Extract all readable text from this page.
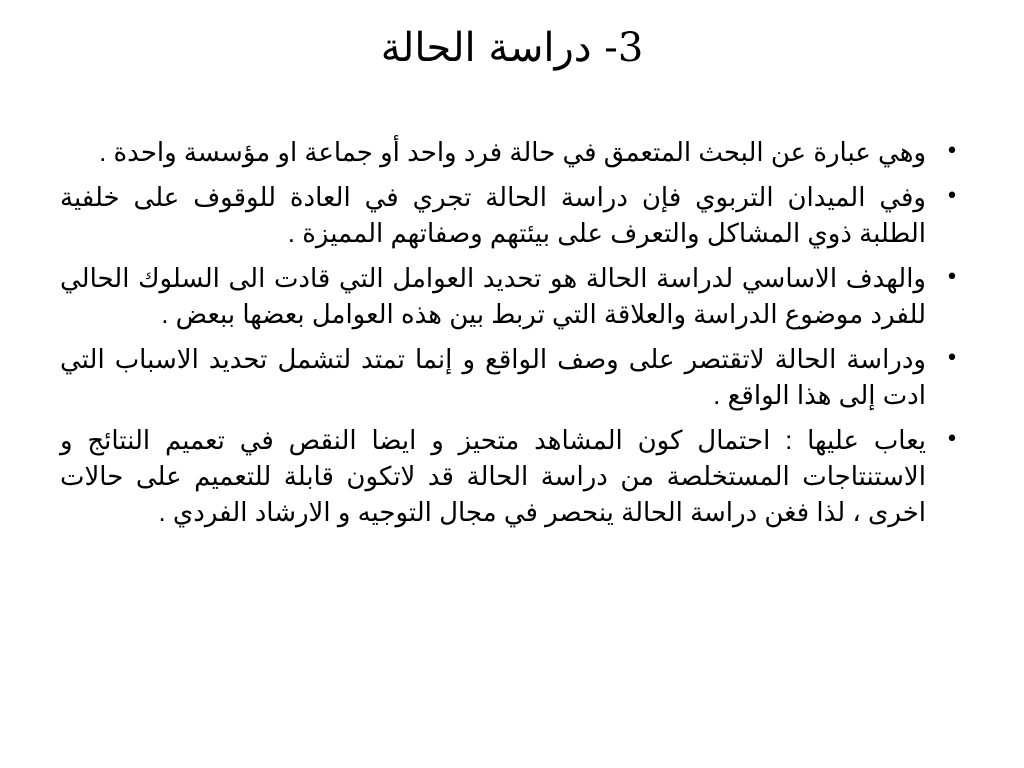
3- دراسة الحالة
•
وهي عبارة عن البحث المتعمق في حالة فرد واحد أو جماعة او مؤسسة واحدة .
•
وفي الميدان التربوي فإن دراسة الحالة تجري في العادة للوقوف على خلفية الطلبة ذوي المشاكل والتعرف على بيئتهم وصفاتهم المميزة .
•
والهدف الاساسي لدراسة الحالة هو تحديد العوامل التي قادت الى السلوك الحالي للفرد موضوع الدراسة والعلاقة التي تربط بين هذه العوامل بعضها ببعض .
•
ودراسة الحالة لاتقتصر على وصف الواقع و إنما تمتد لتشمل تحديد الاسباب التي ادت إلى هذا الواقع .
•
يعاب عليها : احتمال كون المشاهد متحيز و ايضا النقص في تعميم النتائج و الاستنتاجات المستخلصة من دراسة الحالة قد لاتكون قابلة للتعميم على حالات اخرى ، لذا فغن دراسة الحالة ينحصر في مجال التوجيه و الارشاد الفردي .
